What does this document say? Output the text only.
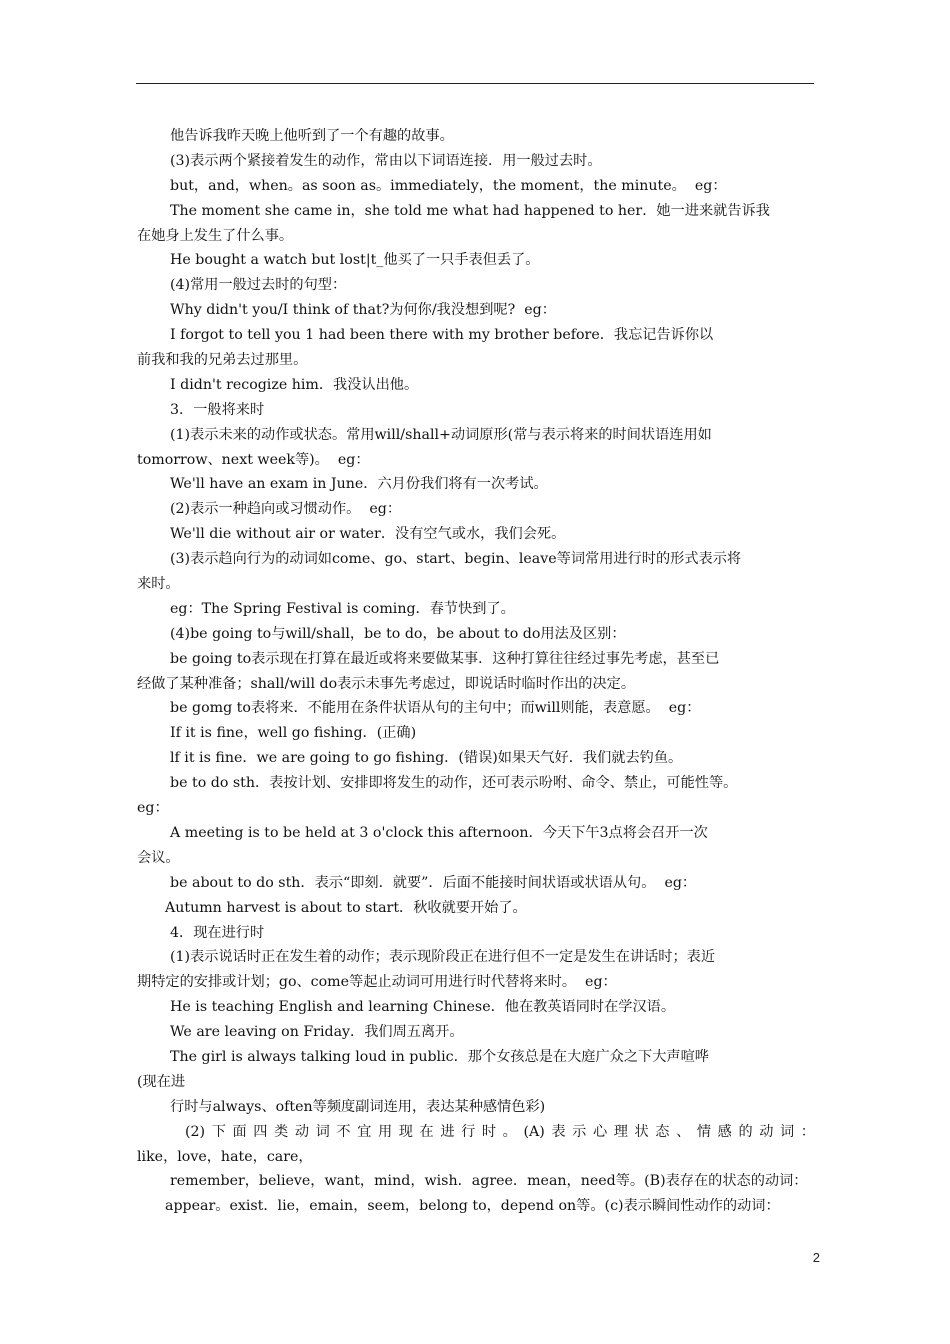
他告诉我昨天晚上他听到了一个有趣的故事。
(3)表示两个紧接着发生的动作，常由以下词语连接．用一般过去时。
but，and，when。as soon as。immediately，the moment，the minute。  eg：
The moment she came in，she told me what had happened to her．她一进来就告诉我
在她身上发生了什么事。
He bought a watch but lost|t_他买了一只手表但丢了。
(4)常用一般过去时的句型：
Why didn't you/I think of that?为何你/我没想到呢?  eg：
I forgot to tell you 1 had been there with my brother before．我忘记告诉你以
前我和我的兄弟去过那里。
I didn't recogize him．我没认出他。
3．一般将来时
(1)表示未来的动作或状态。常用will/shall+动词原形(常与表示将来的时间状语连用如
tomorrow、next week等)。  eg：
We'll have an exam in June．六月份我们将有一次考试。
(2)表示一种趋向或习惯动作。  eg：
We'll die without air or water．没有空气或水，我们会死。
(3)表示趋向行为的动词如come、go、start、begin、leave等词常用进行时的形式表示将
来时。
eg：The Spring Festival is coming．春节快到了。
(4)be going to与will/shall，be to do，be about to do用法及区别：
be going to表示现在打算在最近或将来要做某事．这种打算往往经过事先考虑，甚至已
经做了某种准备；shall/will do表示未事先考虑过，即说话时临时作出的决定。
be gomg to表将来．不能用在条件状语从句的主句中；而will则能，表意愿。  eg：
If it is fine，well go fishing．(正确)
lf it is fine．we are going to go fishing．(错误)如果天气好．我们就去钓鱼。
be to do sth．表按计划、安排即将发生的动作，还可表示吩咐、命令、禁止，可能性等。
eg：
A meeting is to be held at 3 o'clock this afternoon．今天下午3点将会召开一次
会议。
be about to do sth．表示“即刻．就要”．后面不能接时间状语或状语从句。  eg：
Autumn harvest is about to start．秋收就要开始了。
4．现在进行时
(1)表示说话时正在发生着的动作；表示现阶段正在进行但不一定是发生在讲话时；表近
期特定的安排或计划；go、come等起止动词可用进行时代替将来时。  eg：
He is teaching English and learning Chinese．他在教英语同时在学汉语。
We are leaving on Friday．我们周五离开。
The girl is always talking loud in public．那个女孩总是在大庭广众之下大声喧哗
(现在进
行时与always、often等频度副词连用，表达某种感情色彩)
(2)下面四类动词不宜用现在进行时。(A)表示心理状态、情感的动词：
like，love，hate，care，
remember，believe，want，mind，wish．agree．mean，need等。(B)表存在的状态的动词：
appear。exist．lie，emain，seem，belong to，depend on等。(c)表示瞬间性动作的动词：
2
